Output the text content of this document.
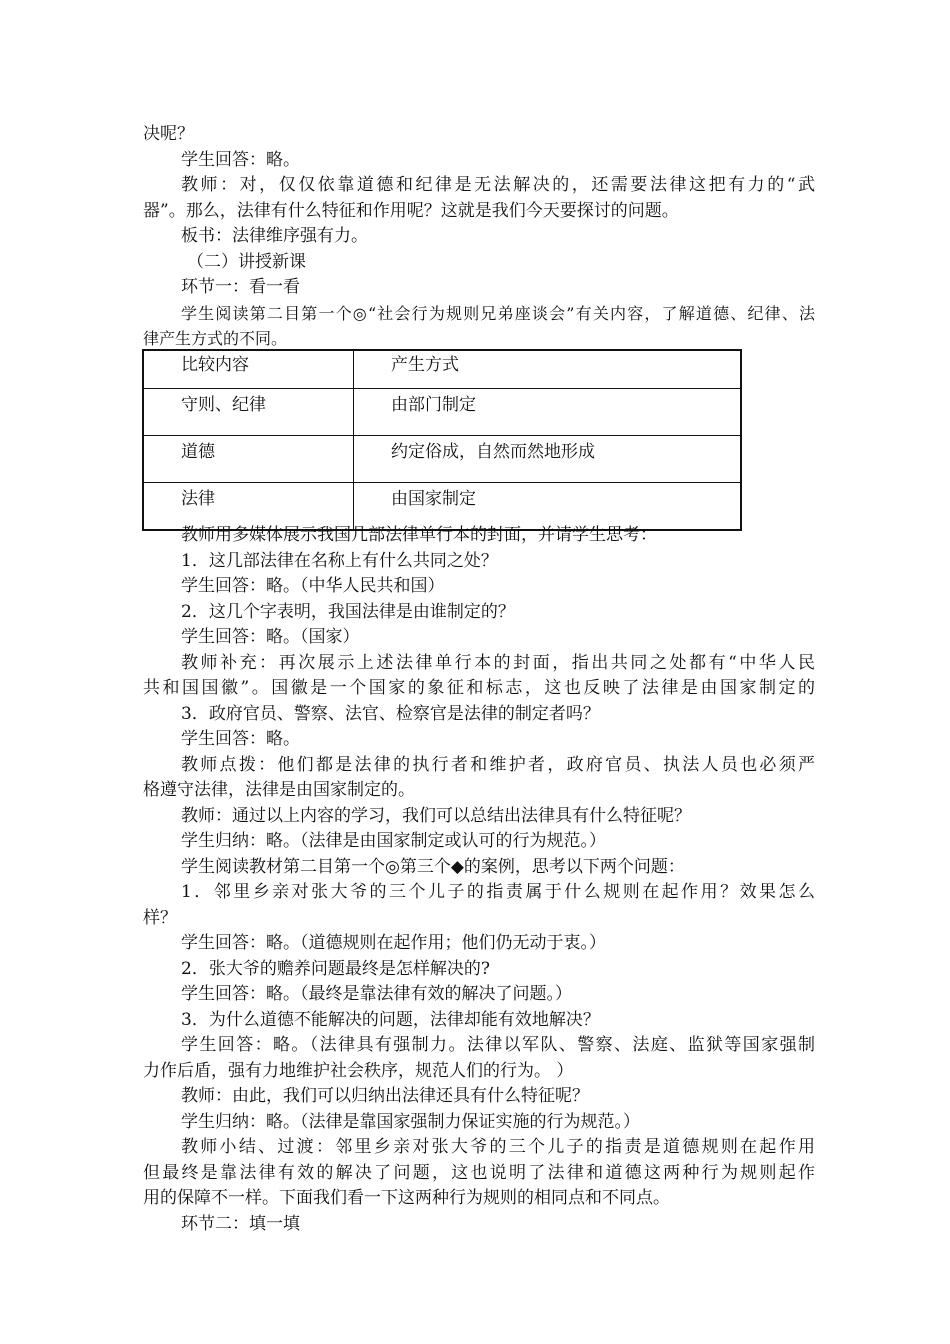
决呢？
学生回答：略。
教师：对，仅仅依靠道德和纪律是无法解决的，还需要法律这把有力的“武
器”。那么，法律有什么特征和作用呢？这就是我们今天要探讨的问题。
板书：法律维序强有力。
（二）讲授新课
环节一：看一看
学生阅读第二目第一个◎“社会行为规则兄弟座谈会”有关内容，了解道德、纪律、法
律产生方式的不同。
比较内容	产生方式
守则、纪律	由部门制定
道德	约定俗成，自然而然地形成
法律	由国家制定
教师用多媒体展示我国几部法律单行本的封面，并请学生思考：
1．这几部法律在名称上有什么共同之处？
学生回答：略。（中华人民共和国）
2．这几个字表明，我国法律是由谁制定的？
学生回答：略。（国家）
教师补充：再次展示上述法律单行本的封面，指出共同之处都有“中华人民
共和国国徽”。国徽是一个国家的象征和标志，这也反映了法律是由国家制定的
3．政府官员、警察、法官、检察官是法律的制定者吗？
学生回答：略。
教师点拨：他们都是法律的执行者和维护者，政府官员、执法人员也必须严
格遵守法律，法律是由国家制定的。
教师：通过以上内容的学习，我们可以总结出法律具有什么特征呢？
学生归纳：略。（法律是由国家制定或认可的行为规范。）
学生阅读教材第二目第一个◎第三个◆的案例，思考以下两个问题：
1．邻里乡亲对张大爷的三个儿子的指责属于什么规则在起作用？效果怎么
样？
学生回答：略。（道德规则在起作用；他们仍无动于衷。）
2．张大爷的赡养问题最终是怎样解决的?
学生回答：略。（最终是靠法律有效的解决了问题。）
3．为什么道德不能解决的问题，法律却能有效地解决？
学生回答：略。（法律具有强制力。法律以军队、警察、法庭、监狱等国家强制
力作后盾，强有力地维护社会秩序，规范人们的行为。 ）
教师：由此，我们可以归纳出法律还具有什么特征呢？
学生归纳：略。（法律是靠国家强制力保证实施的行为规范。）
教师小结、过渡：邻里乡亲对张大爷的三个儿子的指责是道德规则在起作用
但最终是靠法律有效的解决了问题，这也说明了法律和道德这两种行为规则起作
用的保障不一样。下面我们看一下这两种行为规则的相同点和不同点。
环节二：填一填
